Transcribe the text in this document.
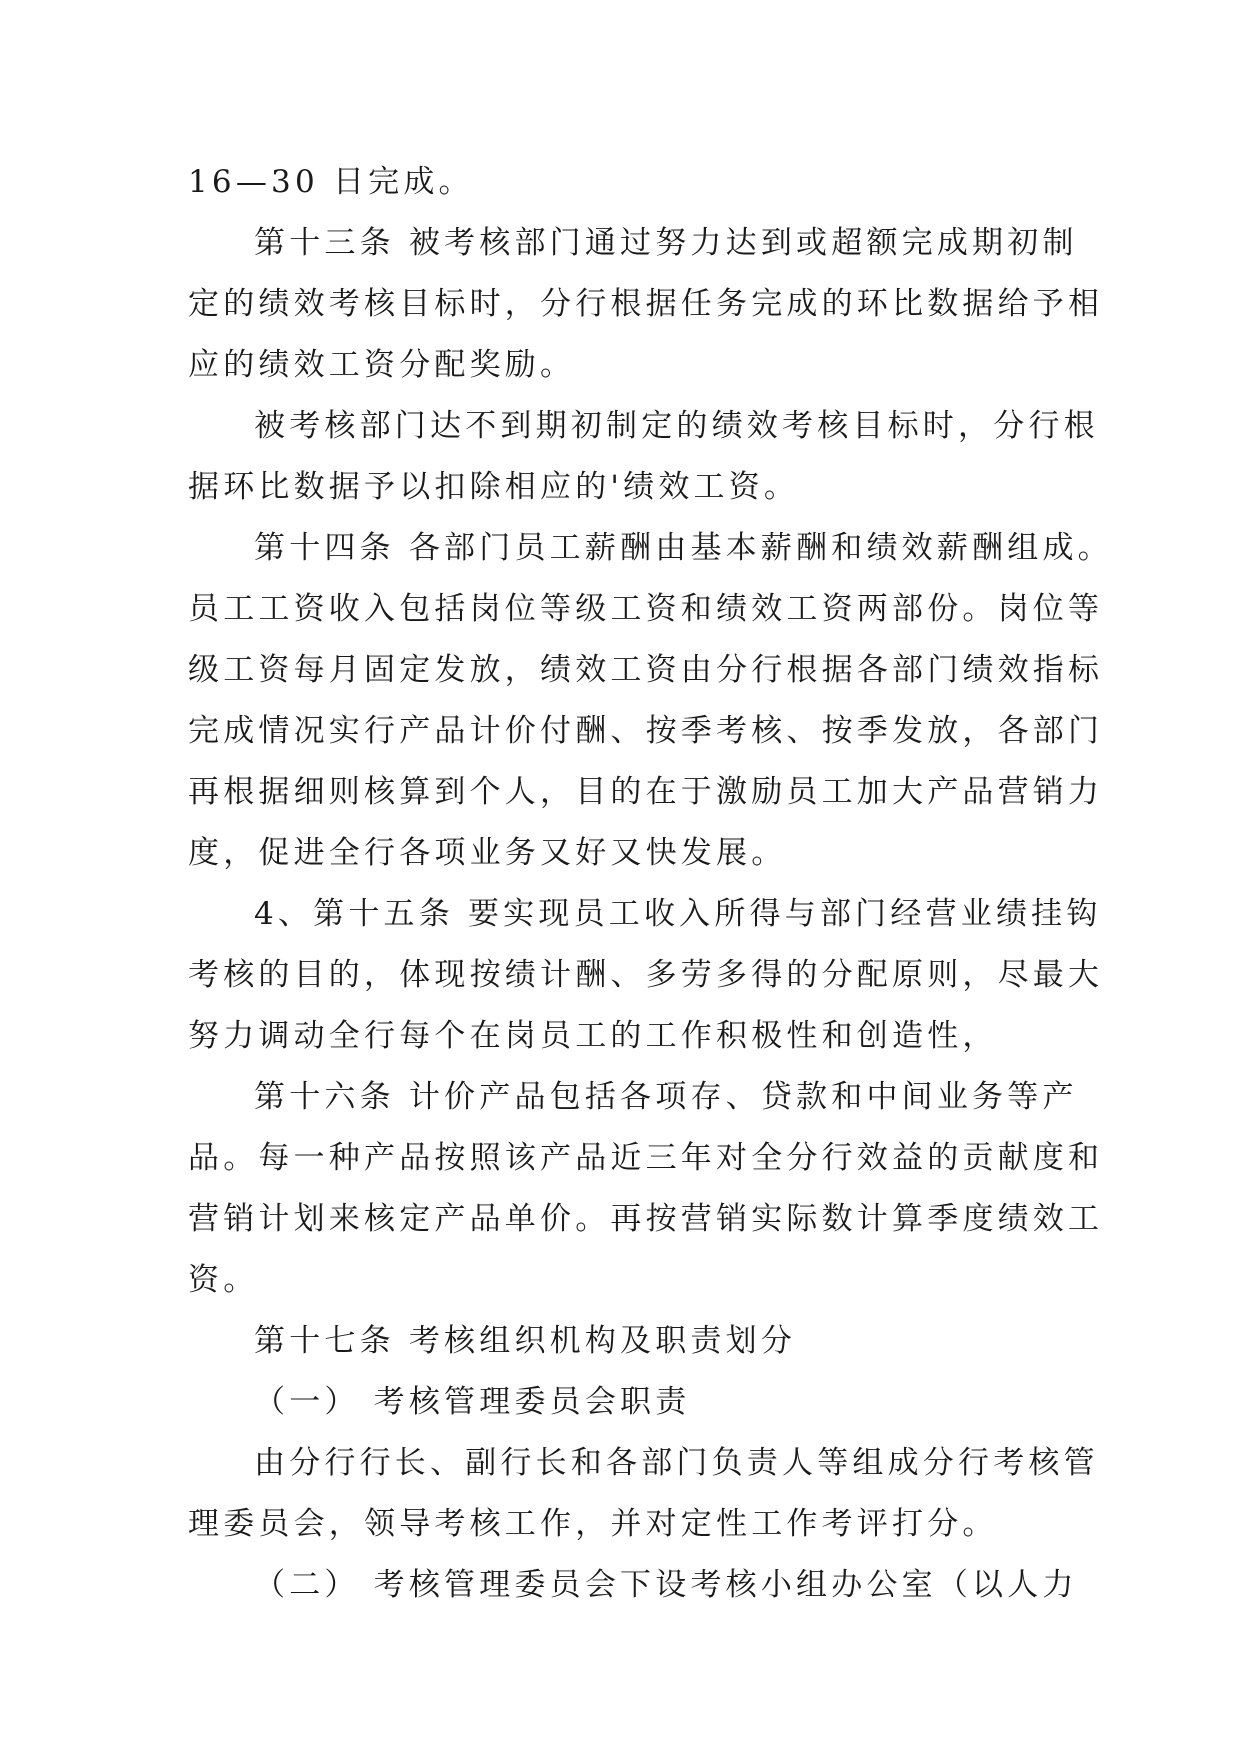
16—30 日完成。
第十三条 被考核部门通过努力达到或超额完成期初制
定的绩效考核目标时，分行根据任务完成的环比数据给予相
应的绩效工资分配奖励。
被考核部门达不到期初制定的绩效考核目标时，分行根
据环比数据予以扣除相应的'绩效工资。
第十四条 各部门员工薪酬由基本薪酬和绩效薪酬组成。
员工工资收入包括岗位等级工资和绩效工资两部份。岗位等
级工资每月固定发放，绩效工资由分行根据各部门绩效指标
完成情况实行产品计价付酬、按季考核、按季发放，各部门
再根据细则核算到个人，目的在于激励员工加大产品营销力
度，促进全行各项业务又好又快发展。
4、第十五条 要实现员工收入所得与部门经营业绩挂钩
考核的目的，体现按绩计酬、多劳多得的分配原则，尽最大
努力调动全行每个在岗员工的工作积极性和创造性，
第十六条 计价产品包括各项存、贷款和中间业务等产
品。每一种产品按照该产品近三年对全分行效益的贡献度和
营销计划来核定产品单价。再按营销实际数计算季度绩效工
资。
第十七条 考核组织机构及职责划分
（一） 考核管理委员会职责
由分行行长、副行长和各部门负责人等组成分行考核管
理委员会，领导考核工作，并对定性工作考评打分。
（二） 考核管理委员会下设考核小组办公室（以人力
